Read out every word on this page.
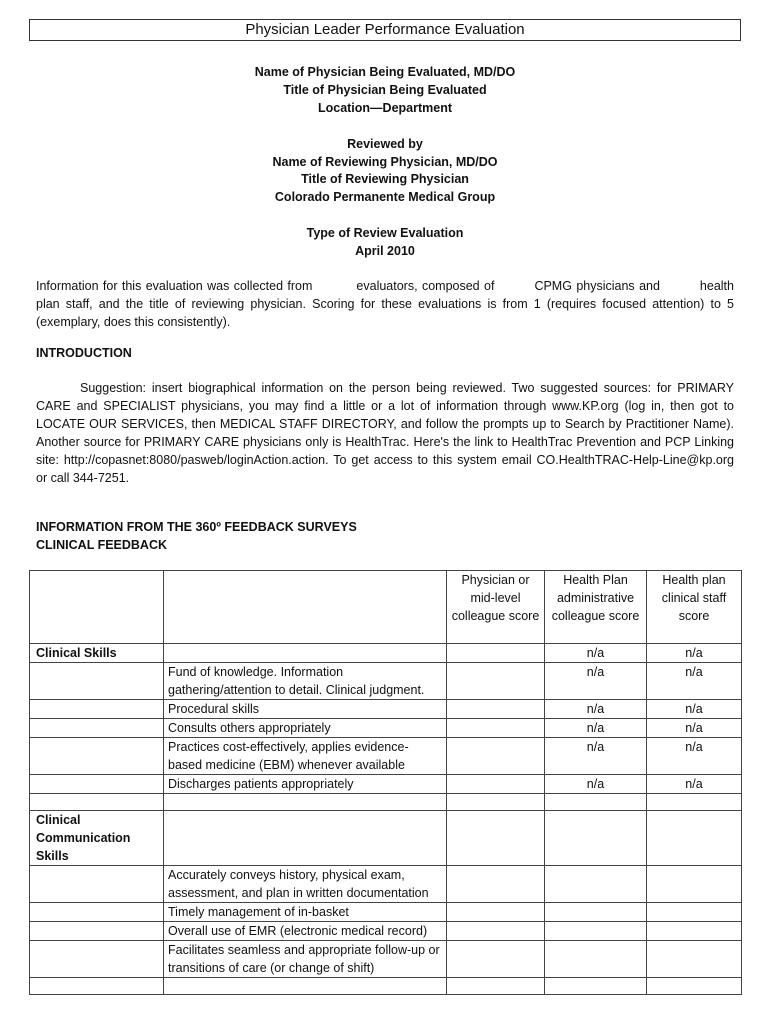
Physician Leader Performance Evaluation
Name of Physician Being Evaluated, MD/DO
Title of Physician Being Evaluated
Location—Department
Reviewed by
Name of Reviewing Physician, MD/DO
Title of Reviewing Physician
Colorado Permanente Medical Group
Type of Review Evaluation
April 2010
Information for this evaluation was collected from	evaluators, composed of	CPMG physicians and	health plan staff, and the title of reviewing physician. Scoring for these evaluations is from 1 (requires focused attention) to 5 (exemplary, does this consistently).
INTRODUCTION
Suggestion: insert biographical information on the person being reviewed. Two suggested sources: for PRIMARY CARE and SPECIALIST physicians, you may find a little or a lot of information through www.KP.org (log in, then got to LOCATE OUR SERVICES, then MEDICAL STAFF DIRECTORY, and follow the prompts up to Search by Practitioner Name). Another source for PRIMARY CARE physicians only is HealthTrac. Here's the link to HealthTrac Prevention and PCP Linking site: http://copasnet:8080/pasweb/loginAction.action. To get access to this system email CO.HealthTRAC-Help-Line@kp.org or call 344-7251.
INFORMATION FROM THE 360º FEEDBACK SURVEYS
CLINICAL FEEDBACK
		Physician or mid-level colleague score	Health Plan administrative colleague score	Health plan clinical staff score
Clinical Skills			n/a	n/a
	Fund of knowledge. Information gathering/attention to detail. Clinical judgment.		n/a	n/a
	Procedural skills		n/a	n/a
	Consults others appropriately		n/a	n/a
	Practices cost-effectively, applies evidence-based medicine (EBM) whenever available		n/a	n/a
	Discharges patients appropriately		n/a	n/a

Clinical Communication Skills				
	Accurately conveys history, physical exam, assessment, and plan in written documentation			
	Timely management of in-basket			
	Overall use of EMR (electronic medical record)			
	Facilitates seamless and appropriate follow-up or transitions of care (or change of shift)			
